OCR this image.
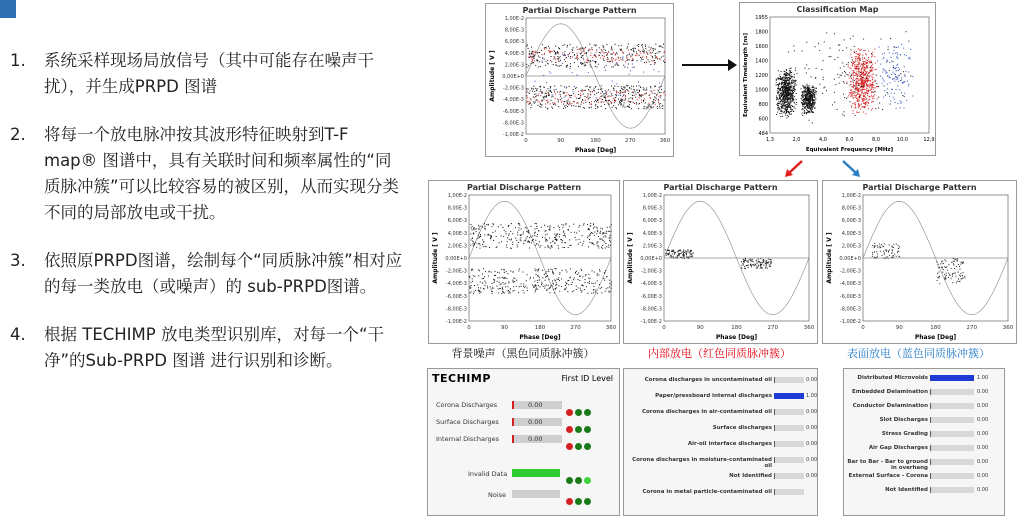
1.	系统采样现场局放信号（其中可能存在噪声干扰），并生成PRPD 图谱
2.	将每一个放电脉冲按其波形特征映射到T-F map® 图谱中，具有关联时间和频率属性的“同质脉冲簇”可以比较容易的被区别，从而实现分类不同的局部放电或干扰。
3.	依照原PRPD图谱，绘制每个“同质脉冲簇”相对应的每一类放电（或噪声）的 sub-PRPD图谱。
4.	根据 TECHIMP 放电类型识别库，对每一个“干净”的Sub-PRPD 图谱 进行识别和诊断。
Partial Discharge Pattern
1,00E-2
8,00E-3
6,00E-3
4,00E-3
2,00E-3
0,00E+0
-2,00E-3
-4,00E-3
-6,00E-3
-8,00E-3
-1,00E-2
0	90	180	270	360
Phase [Deg]
Amplitude [ V ]
Partial Discharge Pattern
1,00E-2
8,00E-3
6,00E-3
4,00E-3
2,00E-3
0,00E+0
-2,00E-3
-4,00E-3
-6,00E-3
-8,00E-3
-1,00E-2
0	90	180	270	360
Phase [Deg]
Amplitude [ V ]
Partial Discharge Pattern
1,00E-2
8,00E-3
6,00E-3
4,00E-3
2,00E-3
0,00E+0
-2,00E-3
-4,00E-3
-6,00E-3
-8,00E-3
-1,00E-2
0	90	180	270	360
Phase [Deg]
Amplitude [ V ]
Partial Discharge Pattern
1,00E-2
8,00E-3
6,00E-3
4,00E-3
2,00E-3
0,00E+0
-2,00E-3
-4,00E-3
-6,00E-3
-8,00E-3
-1,00E-2
0	90	180	270	360
Phase [Deg]
Amplitude [ V ]
Classification Map
1955
1800
1600
1400
1200
1000
800
600
484
1,3	2,0	4,0	6,0	8,0	10,0	12,9
Equivalent Frequency [MHz]
Equivalent Timelength [ns]
背景噪声（黑色同质脉冲簇）	内部放电（红色同质脉冲簇）	表面放电（蓝色同质脉冲簇）
TECHIMP	First ID Level
Corona Discharges	0.00
Surface Discharges	0.00
Internal Discharges	0.00
Invalid Data
Noise
Corona discharges in uncontaminated oil	0.00
Paper/pressboard internal discharges	1.00
Corona discharges in air-contaminated oil	0.00
Surface discharges	0.00
Air-oil interface discharges	0.00
Corona discharges in moisture-contaminated oil
0.00
Not Identified	0.00
Corona in metal particle-contaminated oil
Distributed Microvoids	1.00
Embedded Delamination	0.00
Conductor Delamination	0.00
Slot Discharges	0.00
Stress Grading	0.00
Air Gap Discharges	0.00
Bar to Bar - Bar to ground in overhang
0.00
External Surface - Corona	0.00
Not Identified	0.00
